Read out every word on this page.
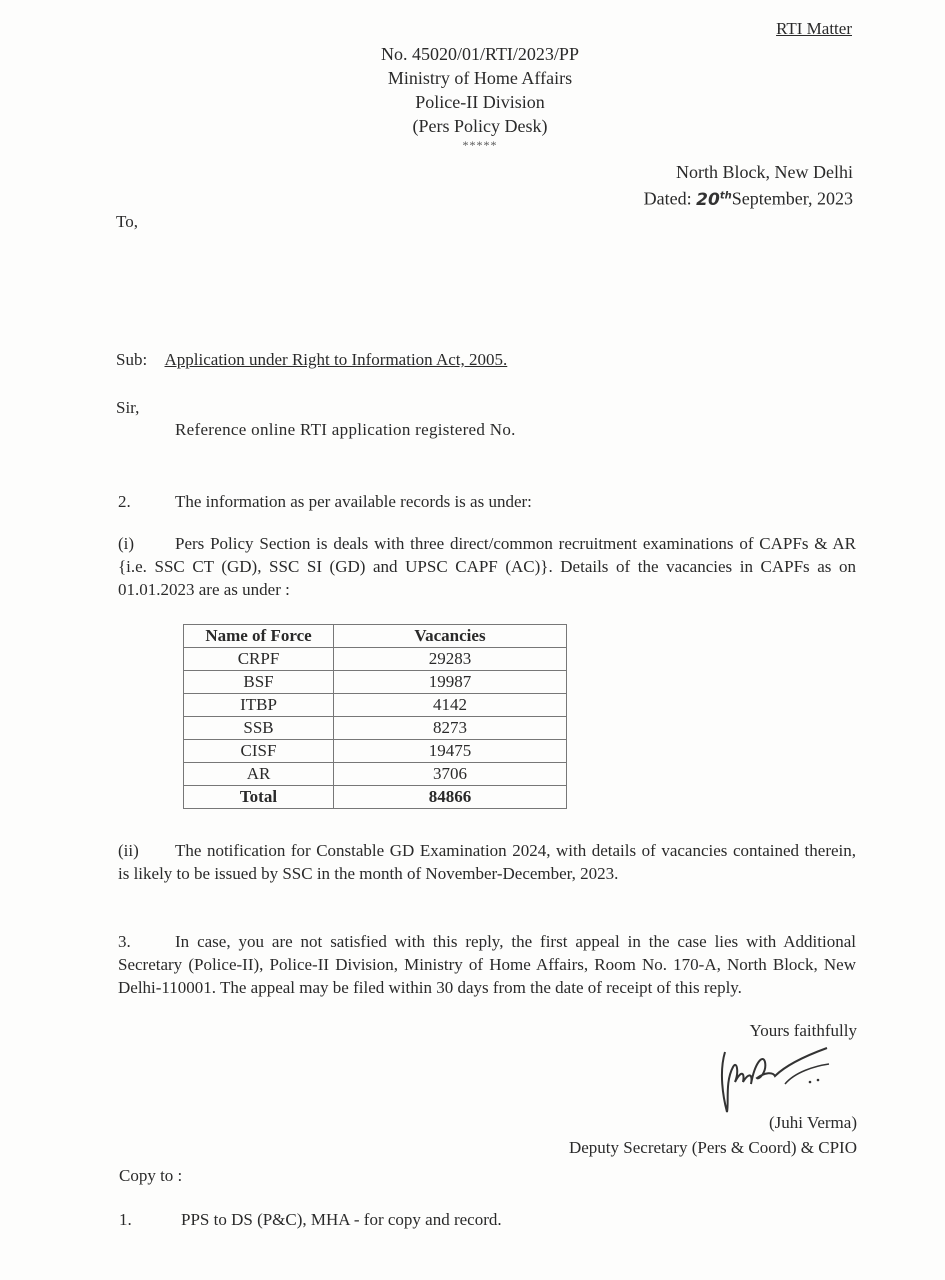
RTI Matter
No. 45020/01/RTI/2023/PP
Ministry of Home Affairs
Police-II Division
(Pers Policy Desk)
*****
North Block, New Delhi
Dated: 20thSeptember, 2023
To,
Sub: Application under Right to Information Act, 2005.
Sir,
Reference online RTI application registered No.
2.	The information as per available records is as under:
(i) Pers Policy Section is deals with three direct/common recruitment examinations of CAPFs & AR {i.e. SSC CT (GD), SSC SI (GD) and UPSC CAPF (AC)}. Details of the vacancies in CAPFs as on 01.01.2023 are as under :
Name of Force	Vacancies
CRPF	29283
BSF	19987
ITBP	4142
SSB	8273
CISF	19475
AR	3706
Total	84866
(ii) The notification for Constable GD Examination 2024, with details of vacancies contained therein, is likely to be issued by SSC in the month of November-December, 2023.
3.	In case, you are not satisfied with this reply, the first appeal in the case lies with Additional Secretary (Police-II), Police-II Division, Ministry of Home Affairs, Room No. 170-A, North Block, New Delhi-110001. The appeal may be filed within 30 days from the date of receipt of this reply.
Yours faithfully
(Juhi Verma)
Deputy Secretary (Pers & Coord) & CPIO
Copy to :
1.	PPS to DS (P&C), MHA - for copy and record.
